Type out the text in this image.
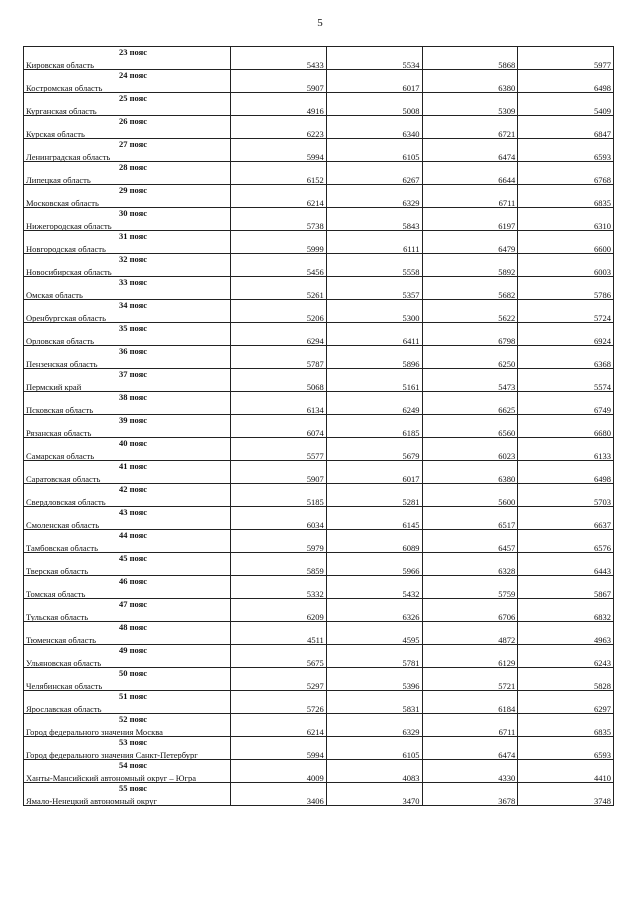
5
23 пояс				
Кировская область	5433	5534	5868	5977
24 пояс				
Костромская область	5907	6017	6380	6498
25 пояс				
Курганская область	4916	5008	5309	5409
26 пояс				
Курская область	6223	6340	6721	6847
27 пояс				
Ленинградская область	5994	6105	6474	6593
28 пояс				
Липецкая область	6152	6267	6644	6768
29 пояс				
Московская область	6214	6329	6711	6835
30 пояс				
Нижегородская область	5738	5843	6197	6310
31 пояс				
Новгородская область	5999	6111	6479	6600
32 пояс				
Новосибирская область	5456	5558	5892	6003
33 пояс				
Омская область	5261	5357	5682	5786
34 пояс				
Оренбургская область	5206	5300	5622	5724
35 пояс				
Орловская область	6294	6411	6798	6924
36 пояс				
Пензенская область	5787	5896	6250	6368
37 пояс				
Пермский край	5068	5161	5473	5574
38 пояс				
Псковская область	6134	6249	6625	6749
39 пояс				
Рязанская область	6074	6185	6560	6680
40 пояс				
Самарская область	5577	5679	6023	6133
41 пояс				
Саратовская область	5907	6017	6380	6498
42 пояс				
Свердловская область	5185	5281	5600	5703
43 пояс				
Смоленская область	6034	6145	6517	6637
44 пояс				
Тамбовская область	5979	6089	6457	6576
45 пояс				
Тверская область	5859	5966	6328	6443
46 пояс				
Томская область	5332	5432	5759	5867
47 пояс				
Тульская область	6209	6326	6706	6832
48 пояс				
Тюменская область	4511	4595	4872	4963
49 пояс				
Ульяновская область	5675	5781	6129	6243
50 пояс				
Челябинская область	5297	5396	5721	5828
51 пояс				
Ярославская область	5726	5831	6184	6297
52 пояс				
Город федерального значения Москва	6214	6329	6711	6835
53 пояс				
Город федерального значения Санкт-Петербург	5994	6105	6474	6593
54 пояс				
Ханты-Мансийский автономный округ – Югра	4009	4083	4330	4410
55 пояс				
Ямало-Ненецкий автономный округ	3406	3470	3678	3748
